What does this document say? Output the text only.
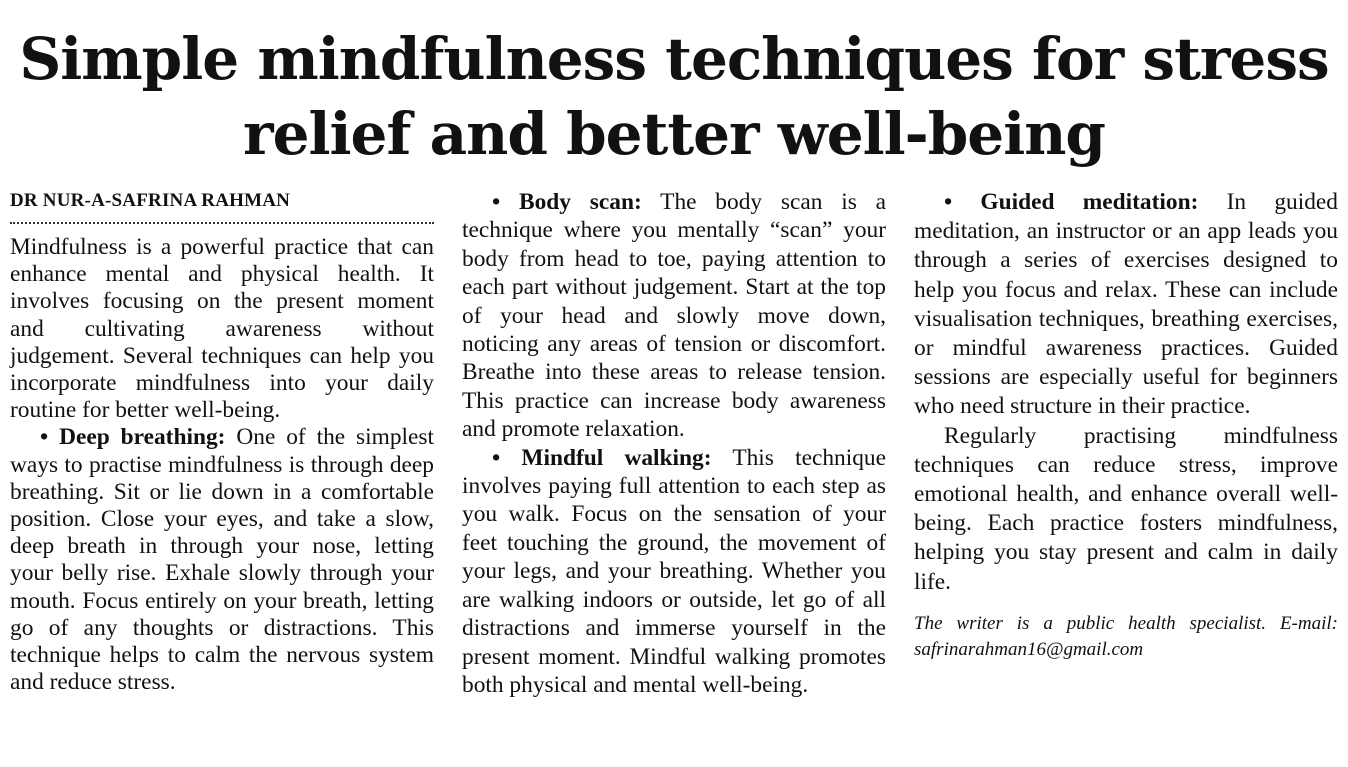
Simple mindfulness techniques for stress relief and better well-being
DR NUR-A-SAFRINA RAHMAN

Mindfulness is a powerful practice that can enhance mental and physical health. It involves focusing on the present moment and cultivating awareness without judgement. Several techniques can help you incorporate mindfulness into your daily routine for better well-being.

• Deep breathing: One of the simplest ways to practise mindfulness is through deep breathing. Sit or lie down in a comfortable position. Close your eyes, and take a slow, deep breath in through your nose, letting your belly rise. Exhale slowly through your mouth. Focus entirely on your breath, letting go of any thoughts or distractions. This technique helps to calm the nervous system and reduce stress.

• Body scan: The body scan is a technique where you mentally “scan” your body from head to toe, paying attention to each part without judgement. Start at the top of your head and slowly move down, noticing any areas of tension or discomfort. Breathe into these areas to release tension. This practice can increase body awareness and promote relaxation.

• Mindful walking: This technique involves paying full attention to each step as you walk. Focus on the sensation of your feet touching the ground, the movement of your legs, and your breathing. Whether you are walking indoors or outside, let go of all distractions and immerse yourself in the present moment. Mindful walking promotes both physical and mental well-being.

• Guided meditation: In guided meditation, an instructor or an app leads you through a series of exercises designed to help you focus and relax. These can include visualisation techniques, breathing exercises, or mindful awareness practices. Guided sessions are especially useful for beginners who need structure in their practice.

Regularly practising mindfulness techniques can reduce stress, improve emotional health, and enhance overall well-being. Each practice fosters mindfulness, helping you stay present and calm in daily life.

The writer is a public health specialist. E-mail: safrinarahman16@gmail.com
